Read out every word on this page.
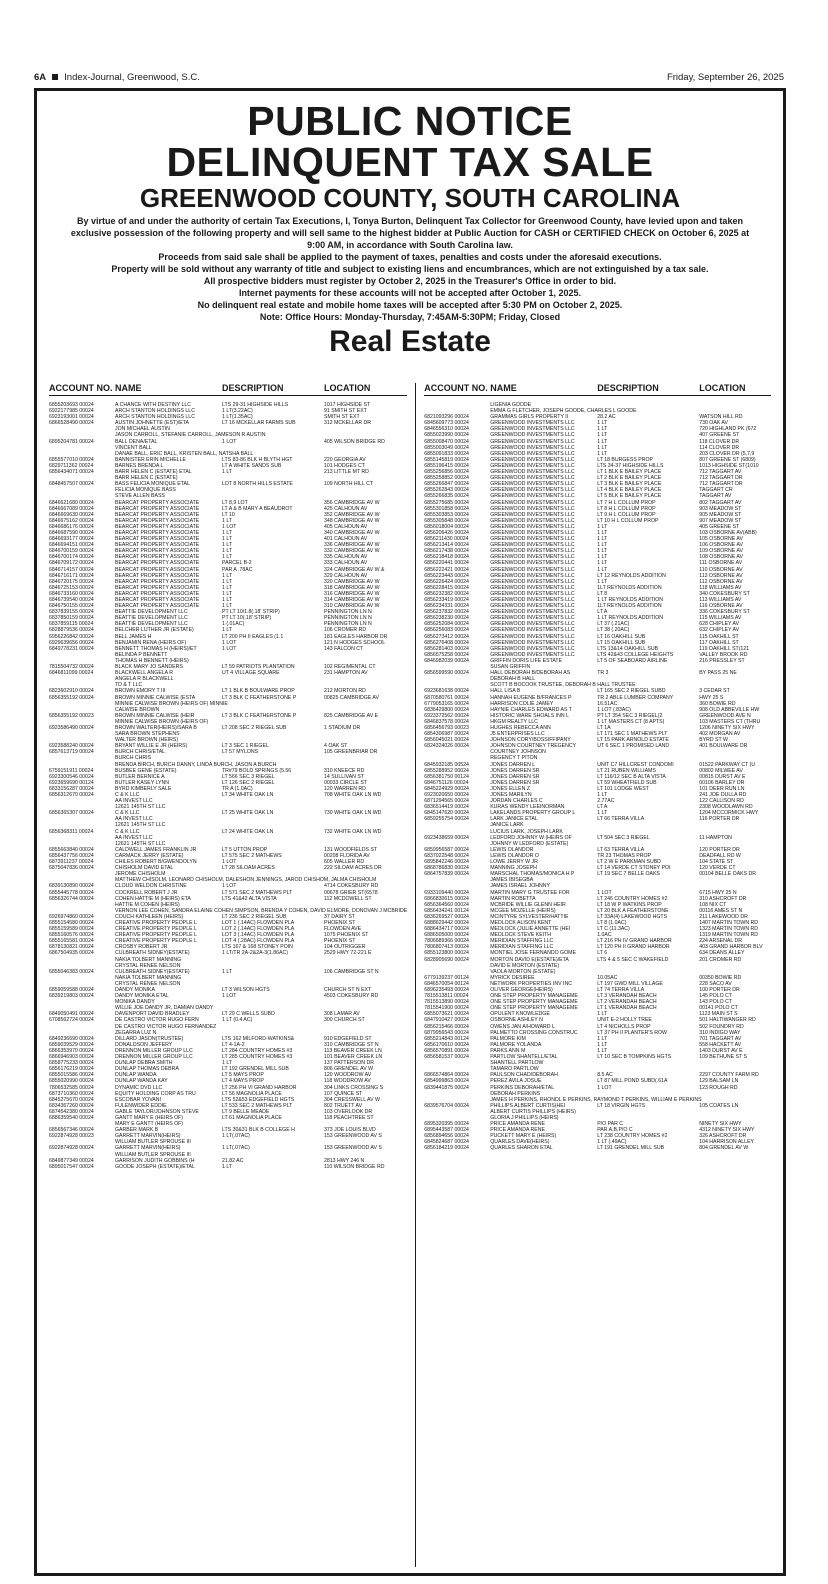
6A Index-Journal, Greenwood, S.C.	Friday, September 26, 2025
PUBLIC NOTICE
DELINQUENT TAX SALE
GREENWOOD COUNTY, SOUTH CAROLINA
By virtue of and under the authority of certain Tax Executions, I, Tonya Burton, Delinquent Tax Collector for Greenwood County, have levied upon and taken exclusive possession of the following property and will sell same to the highest bidder at Public Auction for CASH or CERTIFIED CHECK on October 6, 2025 at 9:00 AM, in accordance with South Carolina law.
Proceeds from said sale shall be applied to the payment of taxes, penalties and costs under the aforesaid executions.
Property will be sold without any warranty of title and subject to existing liens and encumbrances, which are not extinguished by a tax sale.
All prospective bidders must register by October 2, 2025 in the Treasurer's Office in order to bid.
Internet payments for these accounts will not be accepted after October 1, 2025.
No delinquent real estate and mobile home taxes will be accepted after 5:30 PM on October 2, 2025.
Note: Office Hours: Monday-Thursday, 7:45AM-5:30PM; Friday, Closed
Real Estate
ACCOUNT NO. NAME	DESCRIPTION	LOCATION
6855203693 00024	A CHANCE WITH DESTINY LLC	LTS 29-31 HIGHSIDE HILLS	1017 HIGHSIDE ST
6922177985 00024	ARCH STANTON HOLDINGS LLC	1 LT(3.22AC)	91 SMITH ST EXT
6923193001 00024	ARCH STANTON HOLDINGS LLC	1 LT(1.35AC)	SMITH ST EXT
6866528490 00024	AUSTIN JOHNETTE (EST)/ETA	LT 16 MCKELLAR FARMS SUB	312 MCKELLAR DR
JON MICHAEL AUSTIN
JASON CARROLL, STEFANIE CARROLL, JAMESON R AUSTIN
6895204781 00024	BALL DENA/ETAL	1 LOT	405 WILSON BRIDGE RD
VINCENT BALL
DANAE BALL, ERIC BALL, KRISTEN BALL, NATSHA BALL
6855577010 00024	BANNISTER ERIN MICHELLE	LTS 83-86 BLK H BLYTH HGT	220 GEORGIA AV
6829711362 00024	BARNES BRENDA L	LT A WHITE SANDS SUB	101 HODGES CT
6856434071 00024	BARR HELEN C (ESTATE) ETAL	1 LT	213 LITTLE MT RD
BARR HELEN C (ESTATE)
6848457507 00024	BASS FELICIA MONIQUE ETAL	LOT 8 NORTH HILLS ESTATE	109 NORTH HILL CT
FELICIA MONIQUE BASS
STEVE ALLEN BASS
6846621680 00024	BEARCAT PROPERTY ASSOCIATE	LT 8,9 LOT	356 CAMBRIDGE AV W
6846667089 00024	BEARCAT PROPERTY ASSOCIATE	LT A & B MARY A BEAUDROT	425 CALHOUN AV
6846669630 00024	BEARCAT PROPERTY ASSOCIATE	LT 10	352 CAMBRIDGE AV W
6846675162 00024	BEARCAT PROPERTY ASSOCIATE	1 LT	348 CAMBRIDGE AV W
6846686176 00024	BEARCAT PROPERTY ASSOCIATE	1 LOT	405 CALHOUN AV
6846687590 00024	BEARCAT PROPERTY ASSOCIATE	1 LT	340 CAMBRIDGE AV W
6846693177 00024	BEARCAT PROPERTY ASSOCIATE	1 LT	401 CALHOUN AV
6846694151 00024	BEARCAT PROPERTY ASSOCIATE	1 LT	336 CAMBRIDGE AV W
6846700159 00024	BEARCAT PROPERTY ASSOCIATE	1 LT	332 CAMBRIDGE AV W
6846700174 00024	BEARCAT PROPERTY ASSOCIATE	1 LT	335 CALHOUN AV
6846709172 00024	BEARCAT PROPERTY ASSOCIATE	PARCEL B-2	333 CALHOUN AV
6846714157 00024	BEARCAT PROPERTY ASSOCIATE	PAR A .78AC	324 CAMBRIDGE AV W &
6846716171 00024	BEARCAT PROPERTY ASSOCIATE	1 LT	329 CALHOUN AV
6846720175 00024	BEARCAT PROPERTY ASSOCIATE	1 LT	320 CAMBRIDGE AV W
6846725153 00024	BEARCAT PROPERTY ASSOCIATE	1 LT	318 CAMBRIDGE AV W
6846733160 00024	BEARCAT PROPERTY ASSOCIATE	1 LT	316 CAMBRIDGE AV W
6846739540 00024	BEARCAT PROPERTY ASSOCIATE	1 LT	314 CAMBRIDGE AV W
6846750155 00024	BEARCAT PROPERTY ASSOCIATE	1 LT	310 CAMBRIDGE AV W
6837839155 00024	BEATTIE DEVELOPMENT LLC	PT LT 10/1.8(.18' STRIP)	PENNINGTON LN N
6837850159 00024	BEATTIE DEVELOPMENT LLC	PT LT 10(.18' STRIP)	PENNINGTON LN N
6837859115 00024	BEATTIE DEVELOPMENT LLC	1 (.01AC)	PENNINGTON LN N
6828879536 00024	BELCHER LUTHER JR (ESTATE)	1 LT	106 CROMER RD
6956226842 00024	BELL JAMES H	LT 200 PH II EAGLES (1.1	181 EAGLES HARBOR DR
6929639656 00024	BENJAMIN RENA (HEIRS OF)	1 LOT	121 N HODGES SCHOOL
6849778231 00024	BENNETT THOMAS H (HEIRS)/ET	1 LOT	143 FALCON CT
BELINDA P BENNETT
THOMAS H BENNETT (HEIRS)
7815504732 00024	BLACK MARY JO SANDERS	LT 59 PATRIOTS PLANTATION	102 REGIMENTAL CT
6846811099 00024	BLACKWELL ANGELA R	UT 4 VILLAGE SQUARE	231 HAMPTON AV
ANGELA R BLACKWELL
TD & T LLC
6823602910 00024	BROWN EMORY T III	LT 1 BLK B BOULWARE PROP	212 MORTON RD
6856355192 00024	BROWN MINNIE CALWISE (ESTA	LT 3 BLK C FEATHERSTONE P	00825 CAMBRIDGE AV
MINNIE CALWISE BROWN (HEIRS OF) MINNIE
CALWISE BROWN
6856355192 00023	BROWN MINNIE CALWISE (HEIR	LT 3 BLK C FEATHERSTONE P	825 CAMBRIDGE AV E
MINNIE CALWISE BROWN (HEIRS OF)
6923586490 00024	BROWN WALTER(HEIRS)/SARA B	LT 208 SEC 2 RIEGEL SUB	1 STADIUM DR
SARA BROWN STEPHENS
WALTER BROWN (HEIRS)
6923588240 00024	BRYANT WILLIE E JR (HEIRS)	LT 3 SEC 1 RIEGEL	4 OAK ST
6857613719 00024	BURCH CHRIS/ETAL	LT 57 MYLONS	105 GREENBRIAR DR
BURCH CHRIS
BRENDA BIRCH, BURCH DANNY, LINDA BURCH, JASON A BURCH
6759151911 00024	BUSBEE GENE (ESTATE)	TR#79 BOLD SPRINGS (5.56	310 KNEECE RD
6923300546 00024	BUTLER BERNICE A	LT 566 SEC 3 RIEGEL	14 SULLIVAN ST
6923659690 00124	BUTLER KASEY LYNN	LT 126 SEC 2 RIEGEL	00033 CIRCLE ST
6833156287 00024	BYRD KIMBERLY SALE	TR A (1.0AC)	120 WARREN RD
6856312670 00024	C & K LLC	LT 34 WHITE OAK LN	708 WHITE OAK LN WD
AA INVEST LLC
12621 145TH ST LLC
6856365307 00024	C & K LLC	LT 25 WHITE OAK LN	730 WHITE OAK LN WD
AA INVEST LLC
12621 145TH ST LLC
6856368311 00024	C & K LLC	LT 24 WHITE OAK LN	732 WHITE OAK LN WD
AA INVEST LLC
12621 145TH ST LLC
6855663840 00024	CALDWELL JAMES FRANKLIN JR	LT 5 UTTON PROP	131 WOODFIELDS ST
6856437756 00024	CARMACK JERRY (ESTATE)	LT 575 SEC 2 MATHEWS	00208 FLORIDA AV
6873911237 00024	CHILES ROBERT B/GWENDOLYN	1 LOT	605 WALLER RD
6875047836 00024	CHISHOLM DAVID ETAL	LT 28 SILOAM ACRES	222 SILOAM ACRES DR
JEROME CHISHOLM
MATTHEW CHISOLM, LEONARD CHISHOLM, DALESHON JENNINGS, JAROD CHISHOM, JALMA CHISHOLM
6839130890 00024	CLOUD WELDON CHRISTINE	1 LOT	4714 COKESBURY RD
6855445778 00024	COCKRELL ROBERT J JR	LT 571 SEC 2 MATHEWS PLT	00678 GRIER ST(6578
6856326744 00024	COHEN HATTIE M (HEIRS) ETA	LTS 41&42 ALTA VISTA	112 MCDOWELL ST
HATTIE M COHEN (HEIRS)
VERNON LEE COHEN, SANDRA ELAINE COHEN SIMPSON, BRENDA Y COHEN, DAVID ELMORE, DONOVAN J MCBRIDE
6926974860 00024	COUCH KATHLEEN (HEIRS)	LT 236 SEC 2 RIEGEL SUB	37 DAIRY ST
6855154580 00024	CREATIVE PROPERTY PEOPLE L	LOT 1 (.14AC) FLOWDEN PLA	PHOENIX ST
6855159589 00024	CREATIVE PROPERTY PEOPLE L	LOT 2 (.14AC) FLOWDEN PLA	FLOWDEN AVE
6855160576 00024	CREATIVE PROPERTY PEOPLE L	LOT 3 (.14AC) FLOWDEN PLA	1075 PHOENIX ST
6855165581 00024	CREATIVE PROPERTY PEOPLE L	LOT 4 (.28AC) FLOWDEN PLA	PHOENIX ST
6878130821 00024	CROSBY ROBERT JR	LTS 167 & 168 STONEY POIN	104 OUTRIGGER
6867504935 00024	CULBREATH SIDNEY(ESTATE)	1 LT/TR 2A-2&2A-3(1.86AC)	2529 HWY 72-221 E
NAKIA TOLBERT MANNING
CRYSTAL RENEE NELSON
6855046383 00024	CULBREATH SIDNEY(ESTATE)	1 LT	106 CAMBRIDGE ST N
NAKIA TOLBERT MANNING
CRYSTAL RENEE NELSON
6859059588 00024	DANDY MONIKA	LT 3 WILSON HGTS	CHURCH ST N EXT
6839219803 00024	DANDY MONIKA ETAL	1 LOT	4503 COKESBURY RD
MONIKA DANDY
WILLIE JOE DANDY JR, DAMIAN DANDY
6849050491 00024	DAVENPORT DAVID BRADLEY	LT 29 C WELLS SUBD	308 LAMAR AV
6708562724 00024	DE CASTRO VICTOR HUGO FERN	1 LT (0.4 AC)	300 CHURCH ST
DE CASTRO VICTOR HUGO FERNANDEZ
ZEGARRA LUZ N
6849236690 00024	DILLARD JASON(TRUSTEE)	LTS 162 MILFORD-WATKINS&	910 EDGEFIELD ST
6859039529 00024	DONALDSON JEFFERY	LT 4-1A-2	310 CAMBRIDGE ST N
6866353970 00024	DRENNON MILLER GROUP LLC	LT 284 COUNTRY HOMES #3	113 BEAVER CREEK LN
6866946903 00024	DRENNON MILLER GROUP LLC	LT 285 COUNTRY HOMES #3	101 BEAVER CREEK LN
6858775233 00024	DUNLAP DEBRA SMITH	1 LT	137 PATTERSON DR
6856176219 00024	DUNLAP THOMAS DEBRA	LT 192 GRENDEL MILL SUB	806 GRENDEL AV W
6855015586 00024	DUNLAP WANDA	LT 5 MAYS PROP	120 WOODROW AV
6855020990 00024	DUNLAP WANDA KAY	LT 4 MAYS PROP	118 WOODROW AV
7806532585 00024	DYNAMIC DVD LLC	LT 256 PH VI GRAND HARBOR	304 LINKS CROSSING S
6873710360 00024	EQUITY HOLDING CORP AS TRU	LT 56 MAGNOLIA PLACE	107 QUINCE ST
6845275670 00024	ESCOBAR YOVANI	LTS 52&53 EDGEFIELD HGTS	304 CRESSWELL AV W
6834367260 00024	FULENWIDER EDDIE	LT 533 SEC 2 MATHEWS PLT	802 TRUETT AV
6874542380 00024	GABLE TAYLOR/JOHNSON STEVE	LT 9 BELLE MEADE	103 OVERLOOK DR
6886359540 00024	GANTT MARY E (HEIRS OF)	LT 61 MAGNOLIA PLACE	118 PEACHTREE ST
MARY E GANTT (HEIRS OF)
6856567346 00024	GARBER MARK B	LTS 30&31 BLK B COLLEGE H	373 JOE LOUIS BLVD
6922874928 00023	GARRETT MARVIN(HEIRS)	1 LT(.07AC)	153 GREENWOOD AV S
WILLIAM BUTLER SPROUSE III
6922874928 00024	GARRETT MARVIN(HEIRS)	1 LT(.07AC)	153 GREENWOOD AV S
WILLIAM BUTLER SPROUSE III
6849877349 00024	GARRISON JUDITH GOBBINS (H	21.82 AC	2813 HWY 246 N
6895017547 00024	GOODE JOSEPH (ESTATE)/ETAL	1 LT	110 WILSON BRIDGE RD
ACCOUNT NO. NAME	DESCRIPTION	LOCATION
LIGENIA GOODE
EMMA G FLETCHER, JOSEPH GOODE, CHARLES L GOODE
6821093296 00024	GRAMMAS GIRLS PROPERTY II	28.2 AC	WATSON HILL RD
6845609773 00024	GREENWOOD INVESTMENTS LLC	1 LT	730 OAK AV
6846556310 00024	GREENWOOD INVESTMENTS LLC	1 LT	720 HIGHLAND PK (672
6855023990 00024	GREENWOOD INVESTMENTS LLC	1 LT	407 GREENE ST
6855008470 00024	GREENWOOD INVESTMENTS LLC	1 LT	118 CLOVER DR
6855003049 00024	GREENWOOD INVESTMENTS LLC	1 LT	114 CLOVER DR
6855091833 00024	GREENWOOD INVESTMENTS LLC	1 LT	203 CLOVER DR (5,7,9
6855145819 00024	GREENWOOD INVESTMENTS LLC	LT 18 BURGESS PROP	807 GREENE ST (6809)
6855196415 00024	GREENWOOD INVESTMENTS LLC	LTS 34-37 HIGHSIDE HILLS	1013 HIGHSIDE ST(1010
6855256856 00024	GREENWOOD INVESTMENTS LLC	LT 1 BLK E BAILEY PLACE	712 TAGGART AV
6855258852 00024	GREENWOOD INVESTMENTS LLC	LT 2 BLK E BAILEY PLACE	712 TAGGART DR
6855266847 00024	GREENWOOD INVESTMENTS LLC	LT 3 BLK E BAILEY PLACE	712 TAGGART DR
6855262843 00024	GREENWOOD INVESTMENTS LLC	LT 4 BLK E BAILEY PLACE	TAGGART CR
6855266835 00024	GREENWOOD INVESTMENTS LLC	LT 5 BLK E BAILEY PLACE	TAGGART AV
6855275685 00024	GREENWOOD INVESTMENTS LLC	LT 7 H L COLLUM PROP	802 TAGGART AV
6855301858 00024	GREENWOOD INVESTMENTS LLC	LT 8 H L COLLUM PROP	903 MEADOW ST
6855303853 00024	GREENWOOD INVESTMENTS LLC	LT 9 H L COLLUM PROP	905 MEADOW ST
6855305848 00024	GREENWOOD INVESTMENTS LLC	LT 10 H L COLLUM PROP	907 MEADOW ST
6856018004 00024	GREENWOOD INVESTMENTS LLC	1 LT	405 GREENE ST
6856206426 00024	GREENWOOD INVESTMENTS LLC	1 LT	103 OSBORNE AV(ABB)
6856211430 00024	GREENWOOD INVESTMENTS LLC	1 LT	105 OSBORNE AV
6856213414 00024	GREENWOOD INVESTMENTS LLC	1 LT	106 OSBORNE AV
6856217438 00024	GREENWOOD INVESTMENTS LLC	1 LT	109 OSBORNE AV
6856218418 00024	GREENWOOD INVESTMENTS LLC	1 LT	108 OSBORNE AV
6856220441 00024	GREENWOOD INVESTMENTS LLC	1 LT	111 OSBORNE AV
6856222421 00024	GREENWOOD INVESTMENTS LLC	1 LT	110 OSBORNE AV
6856223443 00024	GREENWOOD INVESTMENTS LLC	LT 12 REYNOLDS ADDITION	113 OSBORNE AV
6856226424 00024	GREENWOOD INVESTMENTS LLC	1 LT	112 OSBORNE AV
6856228415 00024	GREENWOOD INVESTMENTS LLC	1LT REYNOLDS ADDITION	118 WILLIAMS AV
6856232382 00024	GREENWOOD INVESTMENTS LLC	LT 8	340 COKESBURY ST
6856233419 00024	GREENWOOD INVESTMENTS LLC	1 LT REYNOLDS ADDITION	113 WILLIAMS AV
6856234331 00024	GREENWOOD INVESTMENTS LLC	1LT REYNOLDS ADDITION	116 OSBORNE AV
6856237832 00024	GREENWOOD INVESTMENTS LLC	LT A	336 COKESBURY ST
6856238230 00024	GREENWOOD INVESTMENTS LLC	1 LT REYNOLDS ADDITION	115 WILLIAMS AV
6856252084 00024	GREENWOOD INVESTMENTS LLC	LT 37 (.21AC)	628 CHIPLEY AV
6856256083 00024	GREENWOOD INVESTMENTS LLC	LT 38 (.20AC)	632 CHIPLEY AV
6856273412 00024	GREENWOOD INVESTMENTS LLC	LT 16 OAKHILL SUB	115 OAKHILL ST
6856276408 00024	GREENWOOD INVESTMENTS LLC	LT 15 OAKHILL SUB	117 OAKHILL ST
6856281403 00024	GREENWOOD INVESTMENTS LLC	LTS 13&14 OAKHILL SUB	119 OAKHILL ST(121
6856575258 00024	GREENWOOD INVESTMENTS LLC	LTS 42&43 COLLEGE HEIGHTS	VALLEY BROOK RD
6846982039 00024	GRIFFIN DORIS LIFE ESTATE	LT 5 OF SEABOARD AIRLINE	216 PRESSLEY ST
SUSAN GRIFFIN
6856599590 00024	HALL DEBORAH B/DEBORAH AS	TR 3	BY PASS 25 NE
DEBORAH B HALL
SCOTT B BOCOOK TRUSTEE, DEBORAH B HALL TRUSTEE
6923681638 00024	HALL LISA B	LT 165 SEC 2 RIEGEL SUBD	3 CEDAR ST
6870580761 00024	HANNAH EUGENE B/FRANCES P	TR 2 ABLE LUMBER COMPANY	HWY 25 S
6779053165 00024	HARRISON COLIE JAMEY	16.51AC	360 BOWIE RD
6836429800 00024	HAYNIE CHARLES EDWARD AS T	1 LOT (.83AC)	908 OLD ABBEVILLE HW
6923372562 00024	HISTORIC WARE SHOALS INN L	PT LT 354 SEC 3 RIEGEL(2	GREENWOOD AVE N
6846837578 00024	HKGM REALTY LLC	1 LT MASTERS CT (8 APTS)	103 MASTERS CT (THRU
6856456793 00023	HUGHES REBECCA ANN	LT 1A	1206 NINETY SIX HWY
6854306987 00024	J5 ENTERPRISES LLC	LT 171 SEC 1 MATHEWS PLT	402 MORGAN AV
6856045021 00024	JOHNSON CORY/BOSSIFFIPANY	LT 15 PARK ARNOLD ESTATE	BYRD ST W
6824324026 00024	JOHNSON COURTNEY TREGENCY	UT 6 SEC 1 PROMISED LAND	401 BOULWARE DR
COURTNEY JOHNSON
REGENCY T PITON
6845932185 00524	JONES DARREN L	UNIT C7 HILLCREST CONDOMI	01522 PARKWAY CT (U
6855288952 00024	JONES DARREN SR	LT 21 RUBEN WILLIAMS	00802 MILWEE AV
6856381750 00124	JONES DARREN SR	LT 116/12 SEC B ALTA VISTA	00815 DURST AV E
6846751126 00024	JONES DARREN SR	LT 59 WHEATFIELD SUB	00106 BARLEY DR
6845224929 00024	JONES ELLEN Z	LT 101 LODGE WEST	101 DEER RUN LN
6923020650 00024	JONES MARILYN	1 LT	241 JOE DULLA RD
6871294565 00024	JORDAN CHARLES C	2.77AC	122 CALLISON RD
6836514419 00024	KURAS WENDY LEEINORMAN	LT A	2308 WOODLAWN RD
6845147620 00024	LAKELANDS PROPERTY GROUP L	1 LT	1204 MCCORMICK HWY
6859255754 00024	LARK JANICE ETAL	LT 66 TERRA VILLA	116 PORTER DR
JANICE LARK
LUCIUS LARK, JOSEPH LARK
6923438659 00024	LEDFORD JOHNNY W (HEIRS OF	LT 504 SEC 3 RIEGEL	11 HAMPTON
JOHNNY W LEDFORD (ESTATE)
6859956587 00024	LEWIS OLANDOR	LT 63 TERRA VILLA	120 PORTER DR
6837022548 00024	LEWIS OLANDOR O	TR 23 THOMAS PROP	DEADFALL RD W
6895842246 00024	LOWE JERRY W JR	LT 2 W E PARKMAN SUBD	104 STATE ST
6868786830 00024	MANNING JOSEPH	LT 14 VERDE CT STONEY POI	120 VERDE CT
6864757839 00024	MARSCHAL THOMAS/MONICA H P	LT 19 SEC 7 BELLE OAKS	00104 BELLE OAKS DR
JAMES IBISEGBA
JAMES ISRAEL JOHNNY
6933109440 00024	MARTIN MARY G TRUSTEE FOR	1 LOT	6715 HWY 25 N
6866830615 00024	MARTIN ROBETTA	LT 246 COUNTRY HOMES #2	310 ASHCROFT DR
6856364560 00024	MCBRIDE WILLIE GLENN HEIR	LT 18 W P WATKINS PROP	108 NIX CT
6856434241 00124	MCGEE MOZELLE (HEIRS)	LT 20 BLK A FEATHERSTONE	00116 AMES ST N
6836269527 00024	MCINTYRE SYLVESTER/HATTIE	LT 33A(4) LAKEWOOD HGTS	211 LAKEWOOD DR
6888629442 00024	MEDLOCK ALISON KENT	LT 8 (1.0AC)	1407 MARTIN TOWN RD
6886434717 00024	MEDLOCK (JULIE ANNETTE (HEI	LT C (11.3AC)	1323 MARTIN TOWN RD
6886505000 00024	MEDLOCK STEVE KEITH	1.0AC	1319 MARTIN TOWN RD
7806689366 00024	MERIDIAN STAFFING LLC	LT 216 PH IV GRAND HARBOR	224 ARSENAL DR
7806807413 00024	MERIDIAN STAFFING LLC	LT 120 PH II GRAND HARBOR	403 GRAND HARBOR BLV
6855123800 00024	MONTIEL JOSE FERNANDO GOME	LT 6	634 DEANS ALLEY
6828905690 00024	MORTON DAVID E(ESTATE)/ETA	LTS 4 & 5 SEC C WAKEFIELD	201 CROMER RD
DAVID E MORTON (ESTATE)
VAOLA MORTON (ESTATE)
6779139237 00124	MYRICK DESIREE	10.05AC	00350 BOWIE RD
6846570054 00124	NETWORK PROPERTIES INV INC	LT 197 GWD MILL VILLAGE	228 SACO AV
6896235493 00024	OLIVER GEORGE(HEIRS)	LT 74 TERRA VILLA	100 PORTER DR
7815513811 00024	ONE STEP PROPERTY MANAGEME	LT 3 VERANDAH BEACH	145 POLO CT
7815513890 00024	ONE STEP PROPERTY MANAGEME	LT 2 VERANDAH BEACH	143 POLO CT
7815541900 00024	ONE STEP PROPERTY MANAGEME	LT 1 VERANDAH BEACH	00141 POLO CT
6855073621 00024	OPULENT KNOWLEDGE	1 LT	1123 MAIN ST S
6847910427 00024	OSBORNE ASHLEY N	UNIT E-2 HOLLY TREE	501 HALTIWANGER RD
6856215466 00024	OWENS JAN A/HOWARD L	LT 4 NICHOLLS PROP	502 FOUNDRY RD
6879956543 00024	PALMETTO CROSSING CONSTRUC	LT 37 PH II PLANTER'S ROW	310 INDIGO WAY
6855214843 00124	PALMORE KIM	1 LT	701 TAGGART AV
6856170610 00024	PALMORE YOLANDA	1 LT	558 HACKETT AV
6856570891 00024	PARKS ANN M	1 LT	1403 DURST AV E
6856581537 00024	PARTLOW SHANTELL/ETAL	LT 10 SEC B TOMPKINS HGTS	109 BETHUNE ST S
SHANTELL PARTLOW
TAMARO PARTLOW
6866574864 00024	PAULSON CHAD/DEBORAH	8.5 AC	2297 COUNTY FARM RD
6854999863 00024	PEREZ AVILA JOSUE	LT 87 MILL POND SUBD(.61A	129 BALSAM LN
6839441875 00024	PERKINS DEBORAH/ETAL	1 LOT	123 ROUGH RD
DEBORAH PERKINS
JAMES H PERKINS, RHONDL E PERKINS, RAYMOND T PERKINS, WILLIAM E PERKINS
6839576704 00024	PHILLIPS ALBERT CURTIS(HEI	LT 18 VIRGIN HGTS	105 COATES LN
ALBERT CURTIS PHILLIPS (HEIRS)
GLORIA J PHILLIPS (HEIRS)
6895320395 00024	PRICE AMANDA RENE	P/O PAR C	NINETY SIX HWY
6895443587 00024	PRICE AMANDA RENE	PAR A,B,P/O C	4312 NINETY SIX HWY
6856894656 00024	PUCKETT MARY E (HEIRS)	LT 238 COUNTRY HOMES #2	326 ASHCROFT DR
6845824687 00024	QUARLES DAVE(HEIRS)	1 LT (.49AC)	104 HARRISON ALLEY
6856184219 00024	QUARLES SHARON ETAL	LT 191 GRENDEL MILL SUB	804 GRENDEL AV W
